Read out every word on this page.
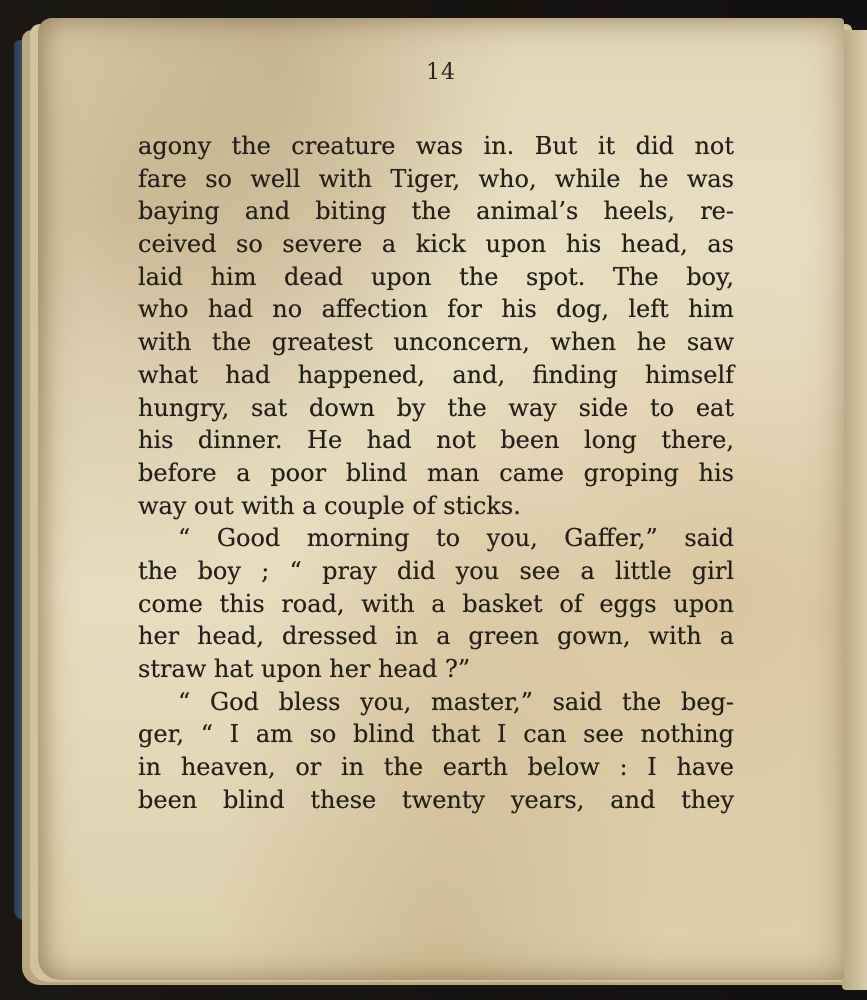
14
agony the creature was in. But it did not
fare so well with Tiger, who, while he was
baying and biting the animal’s heels, re-
ceived so severe a kick upon his head, as
laid him dead upon the spot. The boy,
who had no affection for his dog, left him
with the greatest unconcern, when he saw
what had happened, and, finding himself
hungry, sat down by the way side to eat
his dinner. He had not been long there,
before a poor blind man came groping his
way out with a couple of sticks.
“ Good morning to you, Gaffer,” said
the boy ; “ pray did you see a little girl
come this road, with a basket of eggs upon
her head, dressed in a green gown, with a
straw hat upon her head ?”
“ God bless you, master,” said the beg-
ger, “ I am so blind that I can see nothing
in heaven, or in the earth below : I have
been blind these twenty years, and they
